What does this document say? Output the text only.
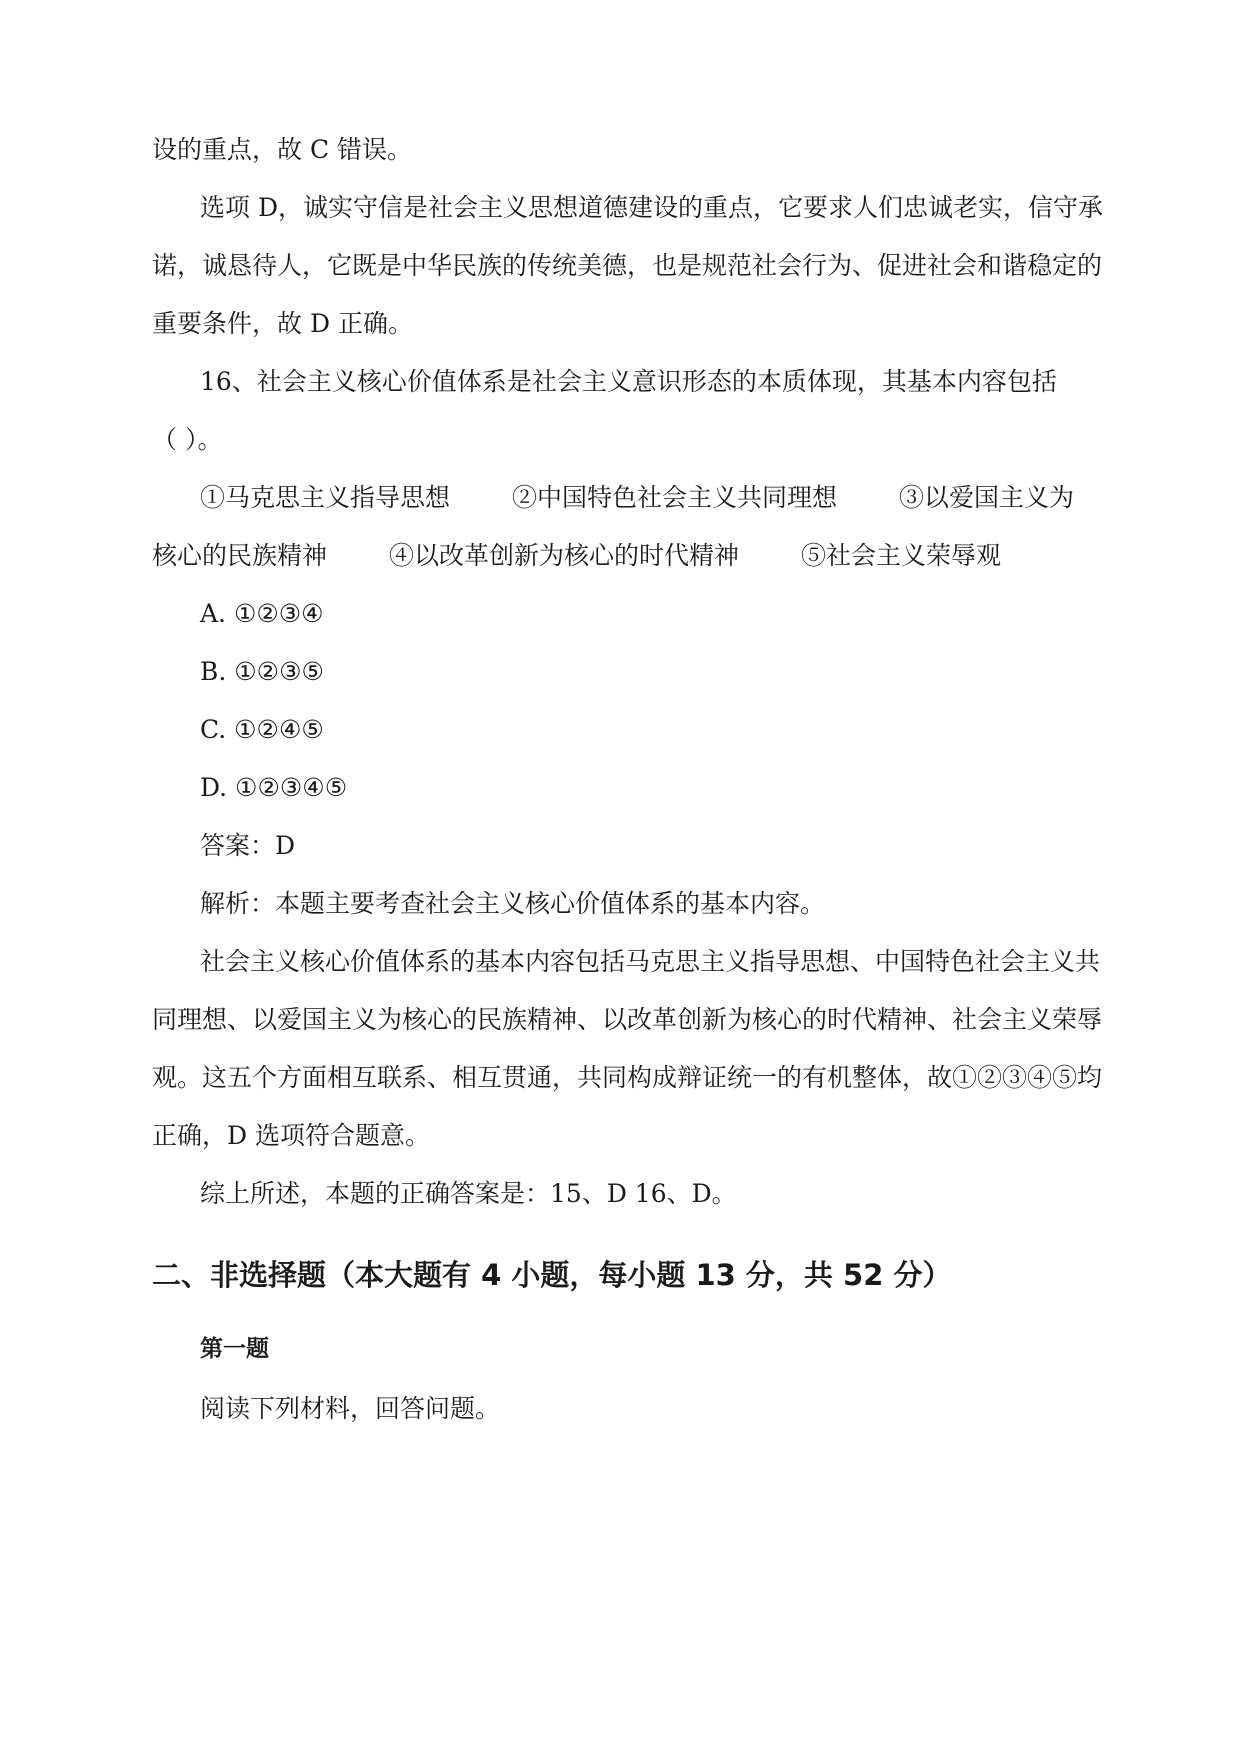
设的重点，故 C 错误。
选项 D，诚实守信是社会主义思想道德建设的重点，它要求人们忠诚老实，信守承
诺，诚恳待人，它既是中华民族的传统美德，也是规范社会行为、促进社会和谐稳定的
重要条件，故 D 正确。
16、社会主义核心价值体系是社会主义意识形态的本质体现，其基本内容包括
（ ）。
①马克思主义指导思想 ②中国特色社会主义共同理想 ③以爱国主义为
核心的民族精神 ④以改革创新为核心的时代精神 ⑤社会主义荣辱观
A. ①②③④
B. ①②③⑤
C. ①②④⑤
D. ①②③④⑤
答案：D
解析：本题主要考查社会主义核心价值体系的基本内容。
社会主义核心价值体系的基本内容包括马克思主义指导思想、中国特色社会主义共
同理想、以爱国主义为核心的民族精神、以改革创新为核心的时代精神、社会主义荣辱
观。这五个方面相互联系、相互贯通，共同构成辩证统一的有机整体，故①②③④⑤均
正确，D 选项符合题意。
综上所述，本题的正确答案是：15、D 16、D。
二、非选择题（本大题有 4 小题，每小题 13 分，共 52 分）
第一题
阅读下列材料，回答问题。
